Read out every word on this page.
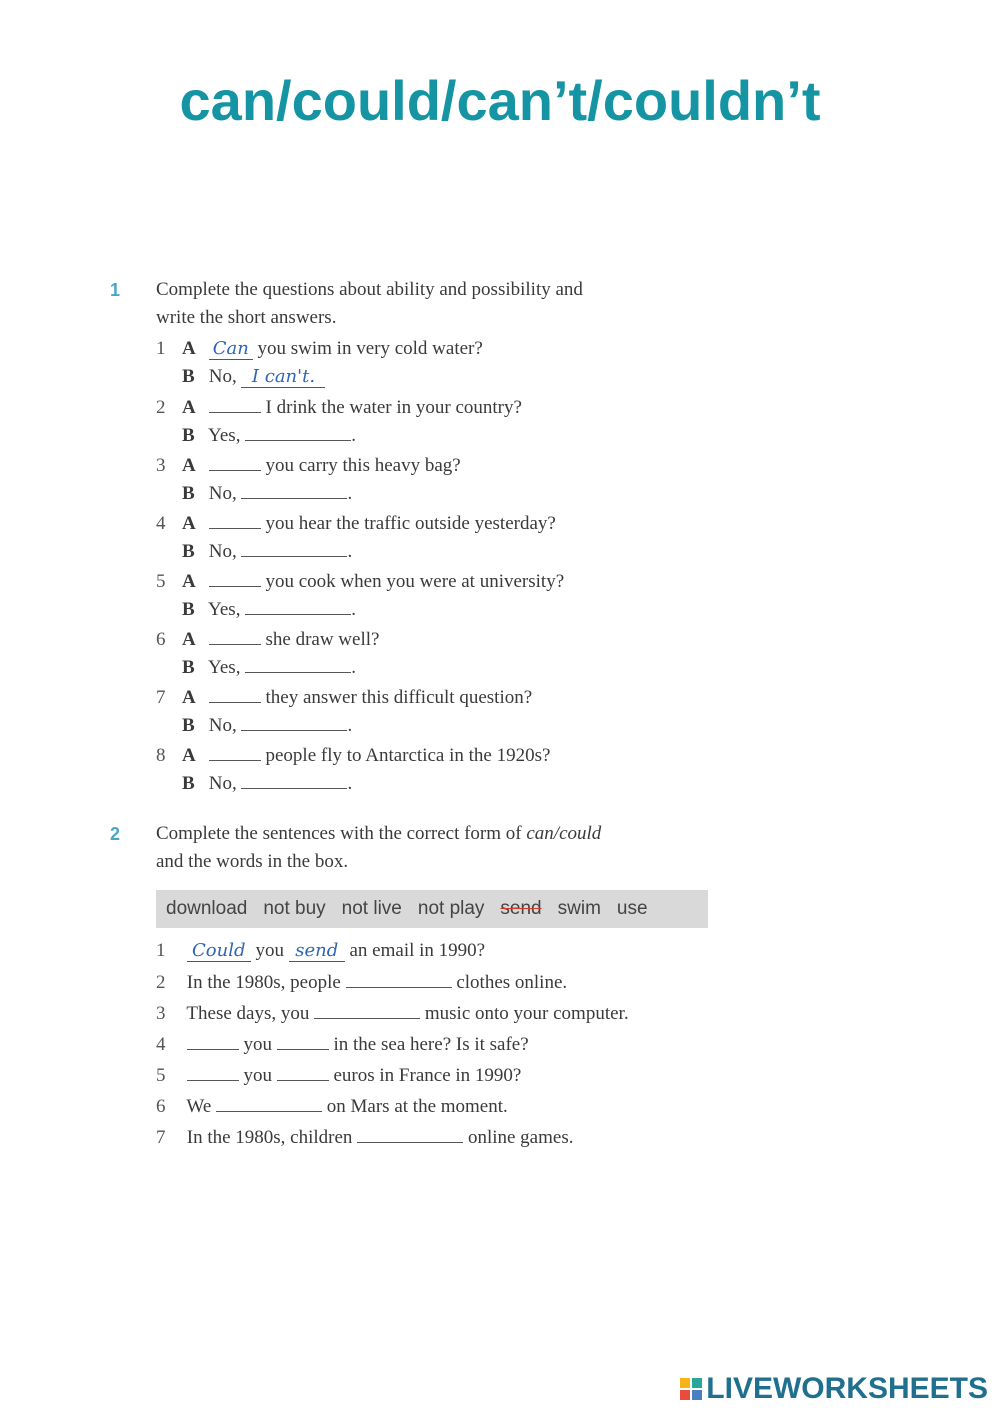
can/could/can’t/couldn’t
1 Complete the questions about ability and possibility and
write the short answers.
1 A Can you swim in very cold water?
B No, I can't.
2 A	I drink the water in your country?
B Yes,	.
3 A	you carry this heavy bag?
B No,	.
4 A	you hear the traffic outside yesterday?
B No,	.
5 A	you cook when you were at university?
B Yes,	.
6 A	she draw well?
B Yes,	.
7 A	they answer this difficult question?
B No,	.
8 A	people fly to Antarctica in the 1920s?
B No,	.
2 Complete the sentences with the correct form of can/could
and the words in the box.
download not buy not live not play send swim use
1 Could you send an email in 1990?
2 In the 1980s, people	clothes online.
3 These days, you	music onto your computer.
4	you	in the sea here? Is it safe?
5	you	euros in France in 1990?
6 We	on Mars at the moment.
7 In the 1980s, children	online games.
LIVEWORKSHEETS
